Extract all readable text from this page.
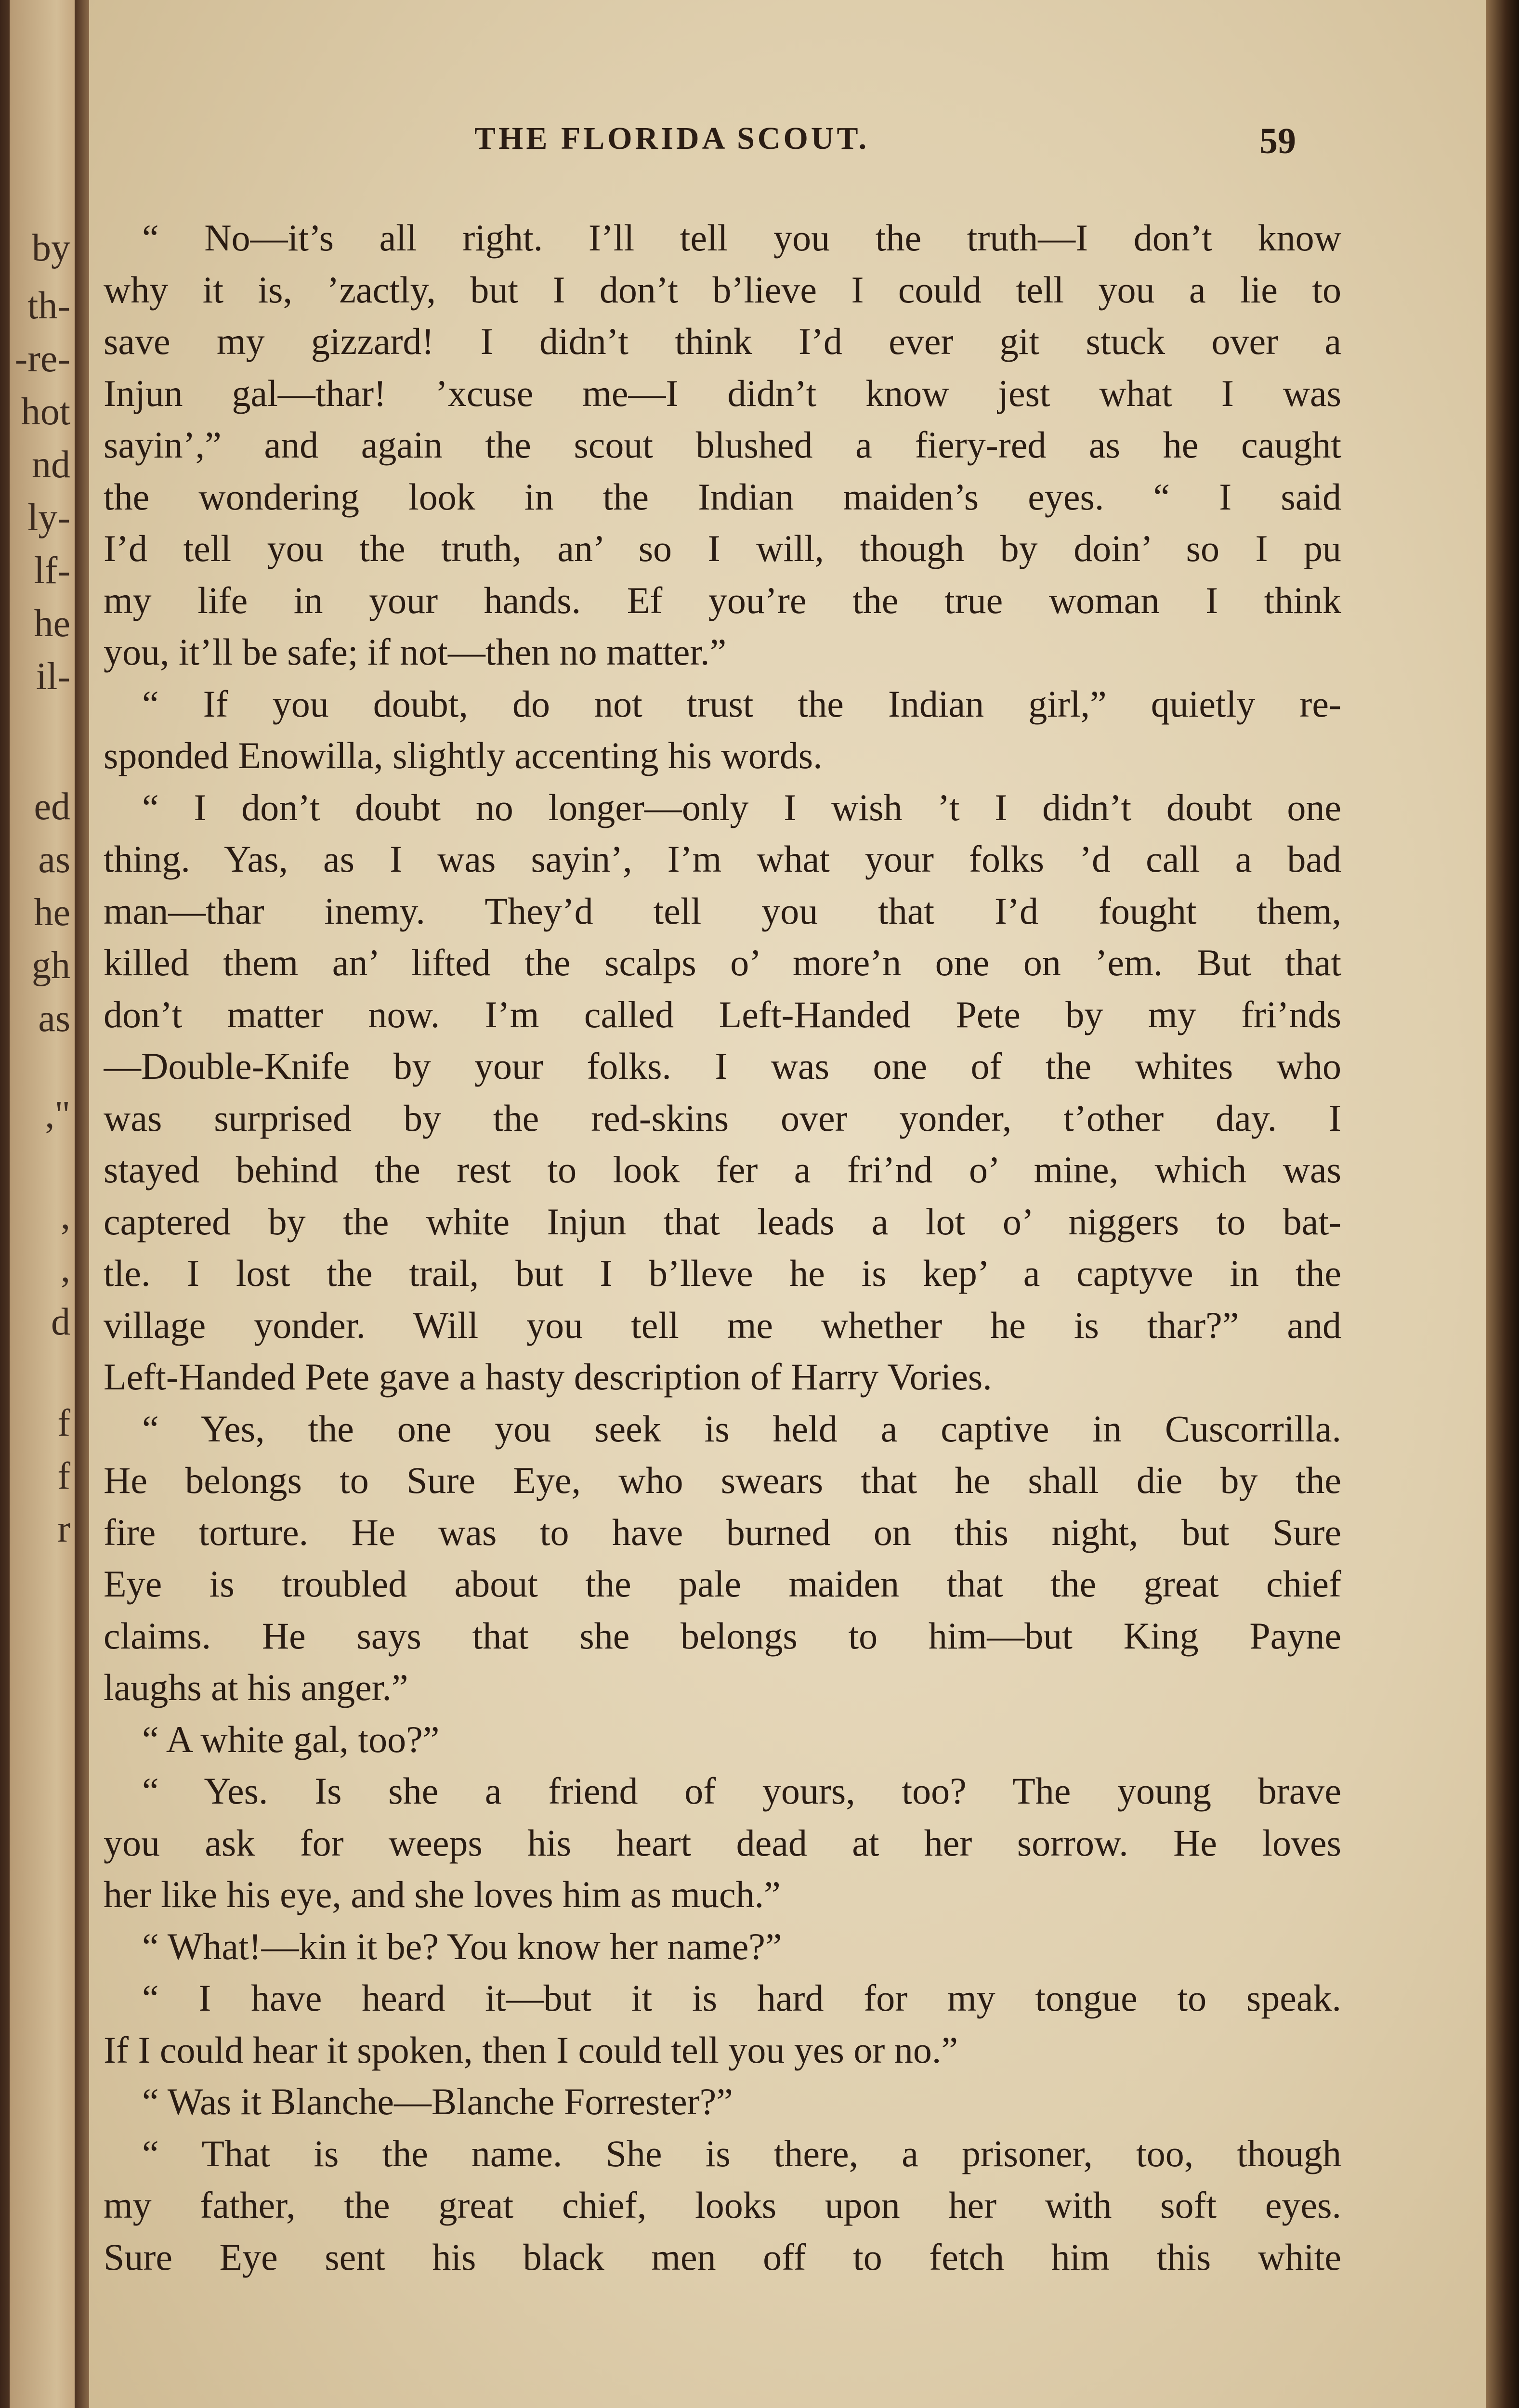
by
th-
-re-
hot
nd
ly-
lf-
he
il-
ed
as
he
gh
as
,"
,
,
d
f
f
r
THE FLORIDA SCOUT.	59
“ No—it’s all right. I’ll tell you the truth—I don’t know
why it is, ’zactly, but I don’t b’lieve I could tell you a lie to
save my gizzard! I didn’t think I’d ever git stuck over a
Injun gal—thar! ’xcuse me—I didn’t know jest what I was
sayin’,” and again the scout blushed a fiery-red as he caught
the wondering look in the Indian maiden’s eyes. “ I said
I’d tell you the truth, an’ so I will, though by doin’ so I pu
my life in your hands. Ef you’re the true woman I think
you, it’ll be safe; if not—then no matter.”
“ If you doubt, do not trust the Indian girl,” quietly re-
sponded Enowilla, slightly accenting his words.
“ I don’t doubt no longer—only I wish ’t I didn’t doubt one
thing. Yas, as I was sayin’, I’m what your folks ’d call a bad
man—thar inemy. They’d tell you that I’d fought them,
killed them an’ lifted the scalps o’ more’n one on ’em. But that
don’t matter now. I’m called Left-Handed Pete by my fri’nds
—Double-Knife by your folks. I was one of the whites who
was surprised by the red-skins over yonder, t’other day. I
stayed behind the rest to look fer a fri’nd o’ mine, which was
captered by the white Injun that leads a lot o’ niggers to bat-
tle. I lost the trail, but I b’lleve he is kep’ a captyve in the
village yonder. Will you tell me whether he is thar?” and
Left-Handed Pete gave a hasty description of Harry Vories.
“ Yes, the one you seek is held a captive in Cuscorrilla.
He belongs to Sure Eye, who swears that he shall die by the
fire torture. He was to have burned on this night, but Sure
Eye is troubled about the pale maiden that the great chief
claims. He says that she belongs to him—but King Payne
laughs at his anger.”
“ A white gal, too?”
“ Yes. Is she a friend of yours, too? The young brave
you ask for weeps his heart dead at her sorrow. He loves
her like his eye, and she loves him as much.”
“ What!—kin it be? You know her name?”
“ I have heard it—but it is hard for my tongue to speak.
If I could hear it spoken, then I could tell you yes or no.”
“ Was it Blanche—Blanche Forrester?”
“ That is the name. She is there, a prisoner, too, though
my father, the great chief, looks upon her with soft eyes.
Sure Eye sent his black men off to fetch him this white
